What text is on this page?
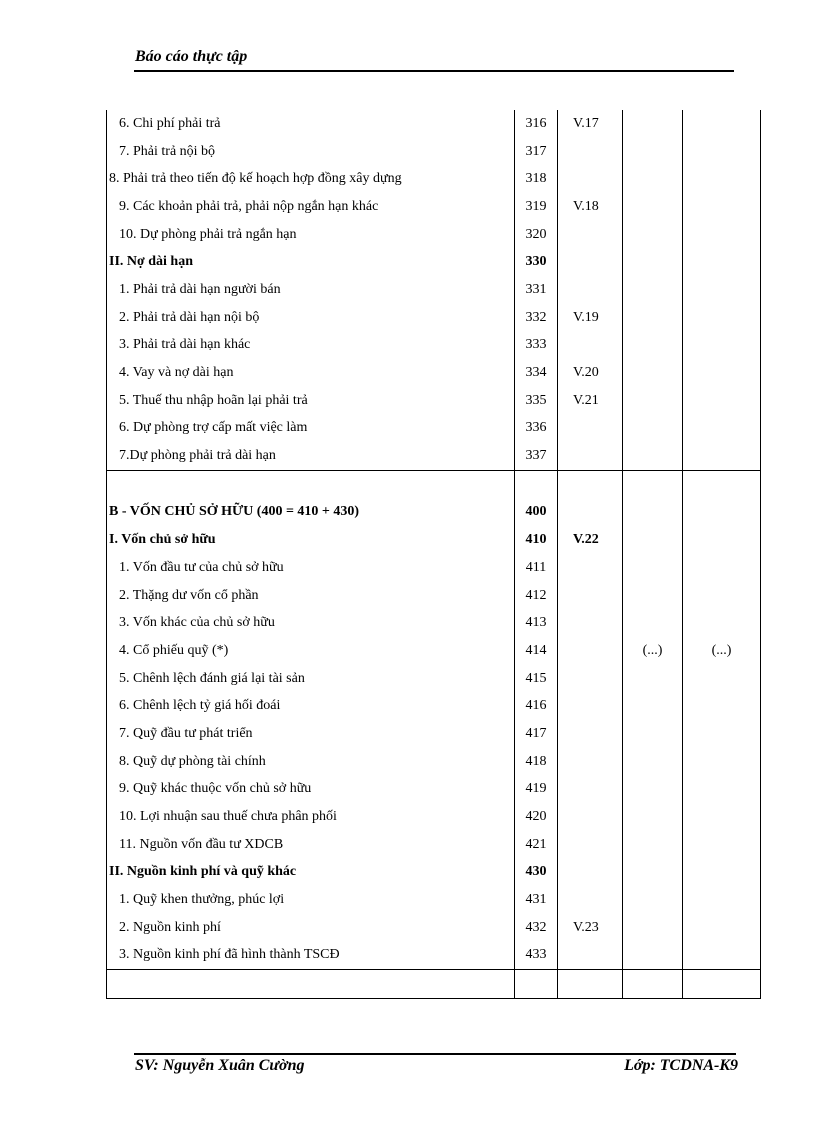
Báo cáo thực tập
6. Chi phí phải trả	316	V.17		
7. Phải trả nội bộ	317			
8. Phải trả theo tiến độ kế hoạch hợp đồng xây dựng	318			
9. Các khoản phải trả, phải nộp ngắn hạn khác	319	V.18		
10. Dự phòng phải trả ngắn hạn	320			
II. Nợ dài hạn	330			
1. Phải trả dài hạn người bán	331			
2. Phải trả dài hạn nội bộ	332	V.19		
3. Phải trả dài hạn khác	333			
4. Vay và nợ dài hạn	334	V.20		
5. Thuế thu nhập hoãn lại phải trả	335	V.21		
6. Dự phòng trợ cấp mất việc làm	336			
7.Dự phòng phải trả dài hạn	337			

B - VỐN CHỦ SỞ HỮU (400 = 410 + 430)	400			
I. Vốn chủ sở hữu	410	V.22		
1. Vốn đầu tư của chủ sở hữu	411			
2. Thặng dư vốn cổ phần	412			
3. Vốn khác của chủ sở hữu	413			
4. Cổ phiếu quỹ (*)	414		(...)	(...)
5. Chênh lệch đánh giá lại tài sản	415			
6. Chênh lệch tỷ giá hối đoái	416			
7. Quỹ đầu tư phát triển	417			
8. Quỹ dự phòng tài chính	418			
9. Quỹ khác thuộc vốn chủ sở hữu	419			
10. Lợi nhuận sau thuế chưa phân phối	420			
11. Nguồn vốn đầu tư XDCB	421			
II. Nguồn kinh phí và quỹ khác	430			
1. Quỹ khen thưởng, phúc lợi	431			
2. Nguồn kinh phí	432	V.23		
3. Nguồn kinh phí đã hình thành TSCĐ	433			

SV: Nguyễn Xuân Cường	Lớp: TCDNA-K9
